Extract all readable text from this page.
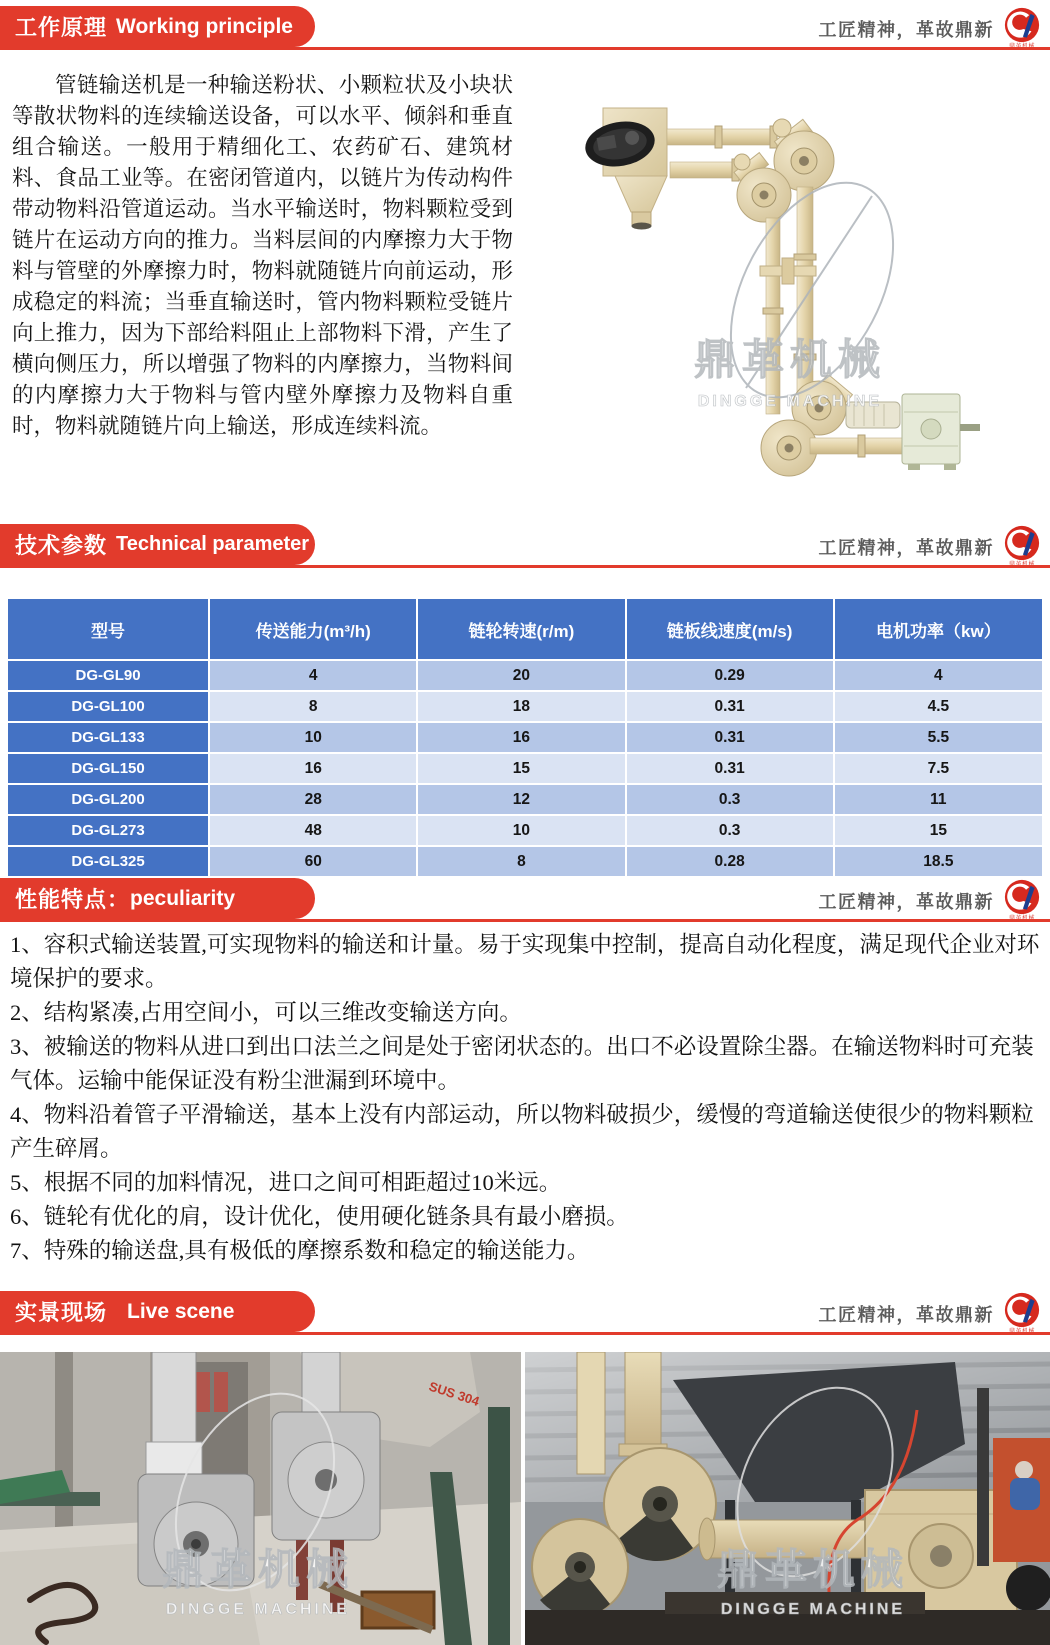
工作原理 Working principle	工匠精神，革故鼎新

管链输送机是一种输送粉状、小颗粒状及小块状等散状物料的连续输送设备，可以水平、倾斜和垂直组合输送。一般用于精细化工、农药矿石、建筑材料、食品工业等。在密闭管道内，以链片为传动构件带动物料沿管道运动。当水平输送时，物料颗粒受到链片在运动方向的推力。当料层间的内摩擦力大于物料与管壁的外摩擦力时，物料就随链片向前运动，形成稳定的料流；当垂直输送时，管内物料颗粒受链片向上推力，因为下部给料阻止上部物料下滑，产生了横向侧压力，所以增强了物料的内摩擦力，当物料间的内摩擦力大于物料与管内壁外摩擦力及物料自重时，物料就随链片向上输送，形成连续料流。

鼎革机械
DINGGE MACHINE
技术参数 Technical parameter	工匠精神，革故鼎新
型号	传送能力(m³/h)	链轮转速(r/m)	链板线速度(m/s)	电机功率（kw）
DG-GL90	4	20	0.29	4
DG-GL100	8	18	0.31	4.5
DG-GL133	10	16	0.31	5.5
DG-GL150	16	15	0.31	7.5
DG-GL200	28	12	0.3	11
DG-GL273	48	10	0.3	15
DG-GL325	60	8	0.28	18.5
性能特点： peculiarity	工匠精神，革故鼎新

1、容积式输送装置,可实现物料的输送和计量。易于实现集中控制，提高自动化程度，满足现代企业对环境保护的要求。

2、结构紧凑,占用空间小，可以三维改变输送方向。

3、被输送的物料从进口到出口法兰之间是处于密闭状态的。出口不必设置除尘器。在输送物料时可充装气体。运输中能保证没有粉尘泄漏到环境中。

4、物料沿着管子平滑输送，基本上没有内部运动，所以物料破损少，缓慢的弯道输送使很少的物料颗粒产生碎屑。

5、根据不同的加料情况，进口之间可相距超过10米远。

6、链轮有优化的肩，设计优化，使用硬化链条具有最小磨损。

7、特殊的输送盘,具有极低的摩擦系数和稳定的输送能力。

实景现场 Live scene	工匠精神，革故鼎新
SUS 304
鼎革机械
DINGGE MACHINE
鼎革机械
DINGGE MACHINE
